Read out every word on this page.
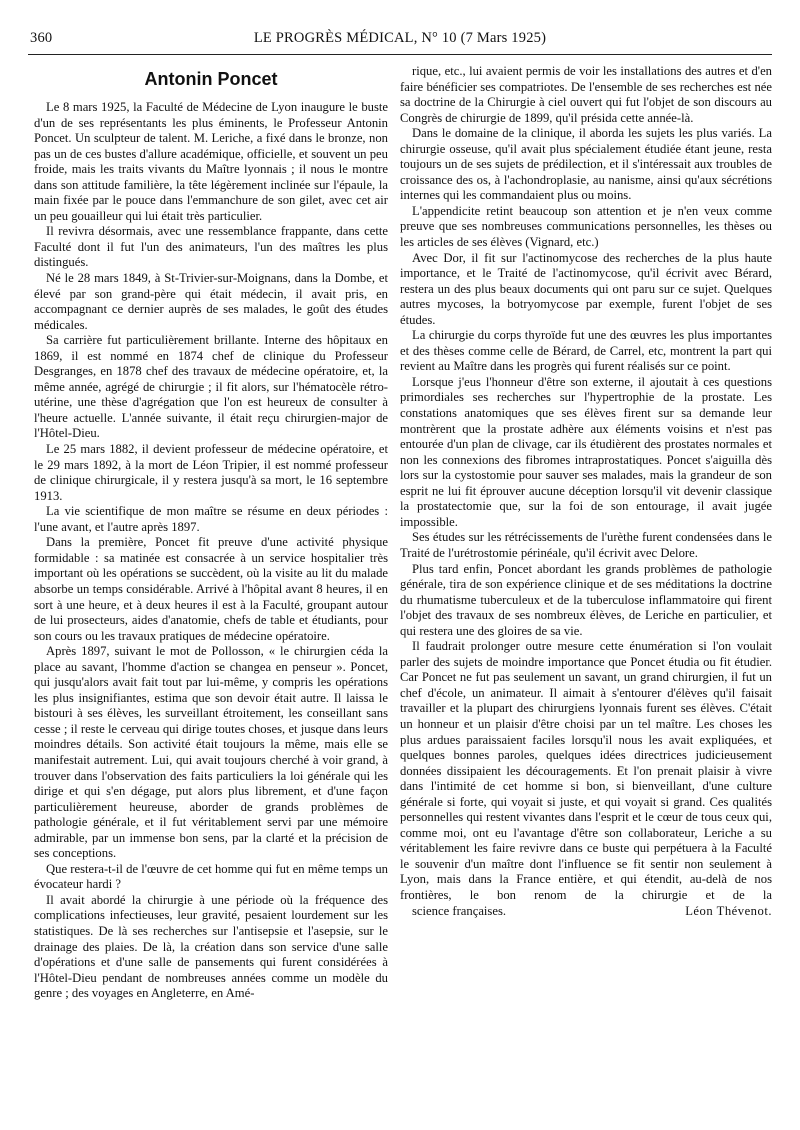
360	LE PROGRÈS MÉDICAL, N° 10 (7 Mars 1925)
Antonin Poncet

Le 8 mars 1925, la Faculté de Médecine de Lyon inaugure le buste d'un de ses représentants les plus éminents, le Professeur Antonin Poncet. Un sculpteur de talent. M. Leriche, a fixé dans le bronze, non pas un de ces bustes d'allure académique, officielle, et souvent un peu froide, mais les traits vivants du Maître lyonnais ; il nous le montre dans son attitude familière, la tête légèrement inclinée sur l'épaule, la main fixée par le pouce dans l'emmanchure de son gilet, avec cet air un peu gouailleur qui lui était très particulier.

Il revivra désormais, avec une ressemblance frappante, dans cette Faculté dont il fut l'un des animateurs, l'un des maîtres les plus distingués.

Né le 28 mars 1849, à St-Trivier-sur-Moignans, dans la Dombe, et élevé par son grand-père qui était médecin, il avait pris, en accompagnant ce dernier auprès de ses malades, le goût des études médicales.

Sa carrière fut particulièrement brillante. Interne des hôpitaux en 1869, il est nommé en 1874 chef de clinique du Professeur Desgranges, en 1878 chef des travaux de médecine opératoire, et, la même année, agrégé de chirurgie ; il fit alors, sur l'hématocèle rétro-utérine, une thèse d'agrégation que l'on est heureux de consulter à l'heure actuelle. L'année suivante, il était reçu chirurgien-major de l'Hôtel-Dieu.

Le 25 mars 1882, il devient professeur de médecine opératoire, et le 29 mars 1892, à la mort de Léon Tripier, il est nommé professeur de clinique chirurgicale, il y restera jusqu'à sa mort, le 16 septembre 1913.

La vie scientifique de mon maître se résume en deux périodes : l'une avant, et l'autre après 1897.

Dans la première, Poncet fit preuve d'une activité physique formidable : sa matinée est consacrée à un service hospitalier très important où les opérations se succèdent, où la visite au lit du malade absorbe un temps considérable. Arrivé à l'hôpital avant 8 heures, il en sort à une heure, et à deux heures il est à la Faculté, groupant autour de lui prosecteurs, aides d'anatomie, chefs de table et étudiants, pour son cours ou les travaux pratiques de médecine opératoire.

Après 1897, suivant le mot de Pollosson, « le chirurgien céda la place au savant, l'homme d'action se changea en penseur ». Poncet, qui jusqu'alors avait fait tout par lui-même, y compris les opérations les plus insignifiantes, estima que son devoir était autre. Il laissa le bistouri à ses élèves, les surveillant étroitement, les conseillant sans cesse ; il reste le cerveau qui dirige toutes choses, et jusque dans leurs moindres détails. Son activité était toujours la même, mais elle se manifestait autrement. Lui, qui avait toujours cherché à voir grand, à trouver dans l'observation des faits particuliers la loi générale qui les dirige et qui s'en dégage, put alors plus librement, et d'une façon particulièrement heureuse, aborder de grands problèmes de pathologie générale, et il fut véritablement servi par une mémoire admirable, par un immense bon sens, par la clarté et la précision de ses conceptions.

Que restera-t-il de l'œuvre de cet homme qui fut en même temps un évocateur hardi ?

Il avait abordé la chirurgie à une période où la fréquence des complications infectieuses, leur gravité, pesaient lourdement sur les statistiques. De là ses recherches sur l'antisepsie et l'asepsie, sur le drainage des plaies. De là, la création dans son service d'une salle d'opérations et d'une salle de pansements qui furent considérées à l'Hôtel-Dieu pendant de nombreuses années comme un modèle du genre ; des voyages en Angleterre, en Amé-

rique, etc., lui avaient permis de voir les installations des autres et d'en faire bénéficier ses compatriotes. De l'ensemble de ses recherches est née sa doctrine de la Chirurgie à ciel ouvert qui fut l'objet de son discours au Congrès de chirurgie de 1899, qu'il présida cette année-là.

Dans le domaine de la clinique, il aborda les sujets les plus variés. La chirurgie osseuse, qu'il avait plus spécialement étudiée étant jeune, resta toujours un de ses sujets de prédilection, et il s'intéressait aux troubles de croissance des os, à l'achondroplasie, au nanisme, ainsi qu'aux sécrétions internes qui les commandaient plus ou moins.

L'appendicite retint beaucoup son attention et je n'en veux comme preuve que ses nombreuses communications personnelles, les thèses ou les articles de ses élèves (Vignard, etc.)

Avec Dor, il fit sur l'actinomycose des recherches de la plus haute importance, et le Traité de l'actinomycose, qu'il écrivit avec Bérard, restera un des plus beaux documents qui ont paru sur ce sujet. Quelques autres mycoses, la botryomycose par exemple, furent l'objet de ses études.

La chirurgie du corps thyroïde fut une des œuvres les plus importantes et des thèses comme celle de Bérard, de Carrel, etc, montrent la part qui revient au Maître dans les progrès qui furent réalisés sur ce point.

Lorsque j'eus l'honneur d'être son externe, il ajoutait à ces questions primordiales ses recherches sur l'hypertrophie de la prostate. Les constations anatomiques que ses élèves firent sur sa demande leur montrèrent que la prostate adhère aux éléments voisins et n'est pas entourée d'un plan de clivage, car ils étudièrent des prostates normales et non les connexions des fibromes intraprostatiques. Poncet s'aiguilla dès lors sur la cystostomie pour sauver ses malades, mais la grandeur de son esprit ne lui fit éprouver aucune déception lorsqu'il vit devenir classique la prostatectomie que, sur la foi de son entourage, il avait jugée impossible.

Ses études sur les rétrécissements de l'urèthe furent condensées dans le Traité de l'urétrostomie périnéale, qu'il écrivit avec Delore.

Plus tard enfin, Poncet abordant les grands problèmes de pathologie générale, tira de son expérience clinique et de ses méditations la doctrine du rhumatisme tuberculeux et de la tuberculose inflammatoire qui firent l'objet des travaux de ses nombreux élèves, de Leriche en particulier, et qui restera une des gloires de sa vie.

Il faudrait prolonger outre mesure cette énumération si l'on voulait parler des sujets de moindre importance que Poncet étudia ou fit étudier. Car Poncet ne fut pas seulement un savant, un grand chirurgien, il fut un chef d'école, un animateur. Il aimait à s'entourer d'élèves qu'il faisait travailler et la plupart des chirurgiens lyonnais furent ses élèves. C'était un honneur et un plaisir d'être choisi par un tel maître. Les choses les plus ardues paraissaient faciles lorsqu'il nous les avait expliquées, et quelques bonnes paroles, quelques idées directrices judicieusement données dissipaient les découragements. Et l'on prenait plaisir à vivre dans l'intimité de cet homme si bon, si bienveillant, d'une culture générale si forte, qui voyait si juste, et qui voyait si grand. Ces qualités personnelles qui restent vivantes dans l'esprit et le cœur de tous ceux qui, comme moi, ont eu l'avantage d'être son collaborateur, Leriche a su véritablement les faire revivre dans ce buste qui perpétuera à la Faculté le souvenir d'un maître dont l'influence se fit sentir non seulement à Lyon, mais dans la France entière, et qui étendit, au-delà de nos frontières, le bon renom de la chirurgie et de la

science françaises.	Léon Thévenot.
